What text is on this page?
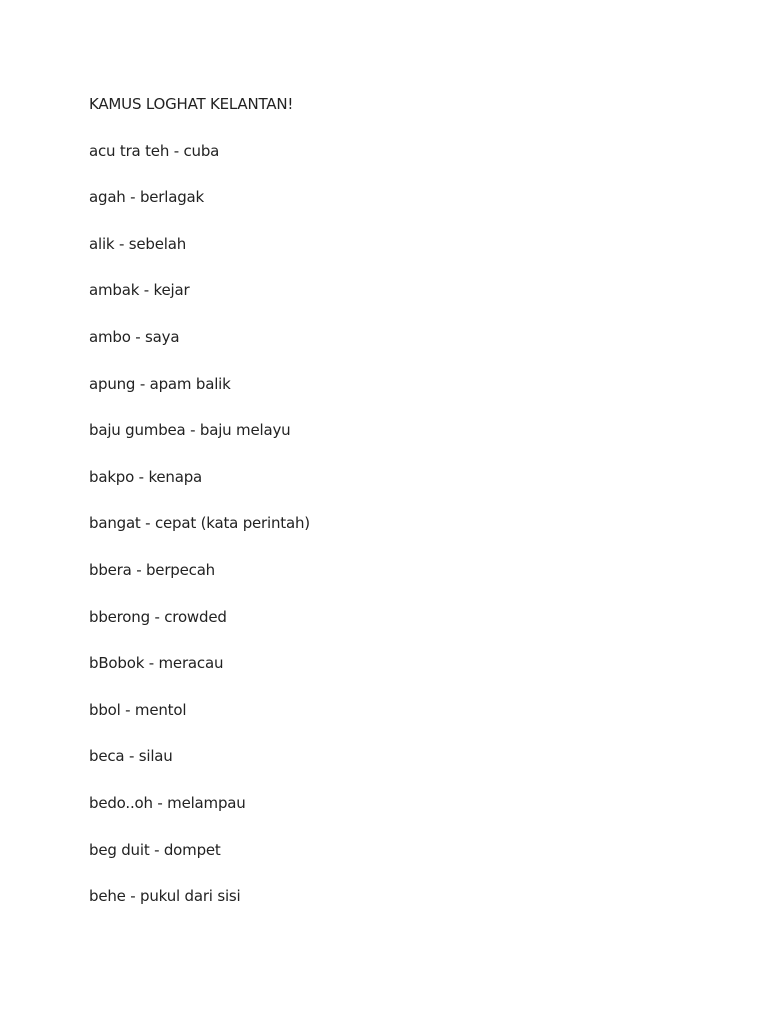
KAMUS LOGHAT KELANTAN!
acu tra teh - cuba
agah - berlagak
alik - sebelah
ambak - kejar
ambo - saya
apung - apam balik
baju gumbea - baju melayu
bakpo - kenapa
bangat - cepat (kata perintah)
bbera - berpecah
bberong - crowded
bBobok - meracau
bbol - mentol
beca - silau
bedo..oh - melampau
beg duit - dompet
behe - pukul dari sisi
